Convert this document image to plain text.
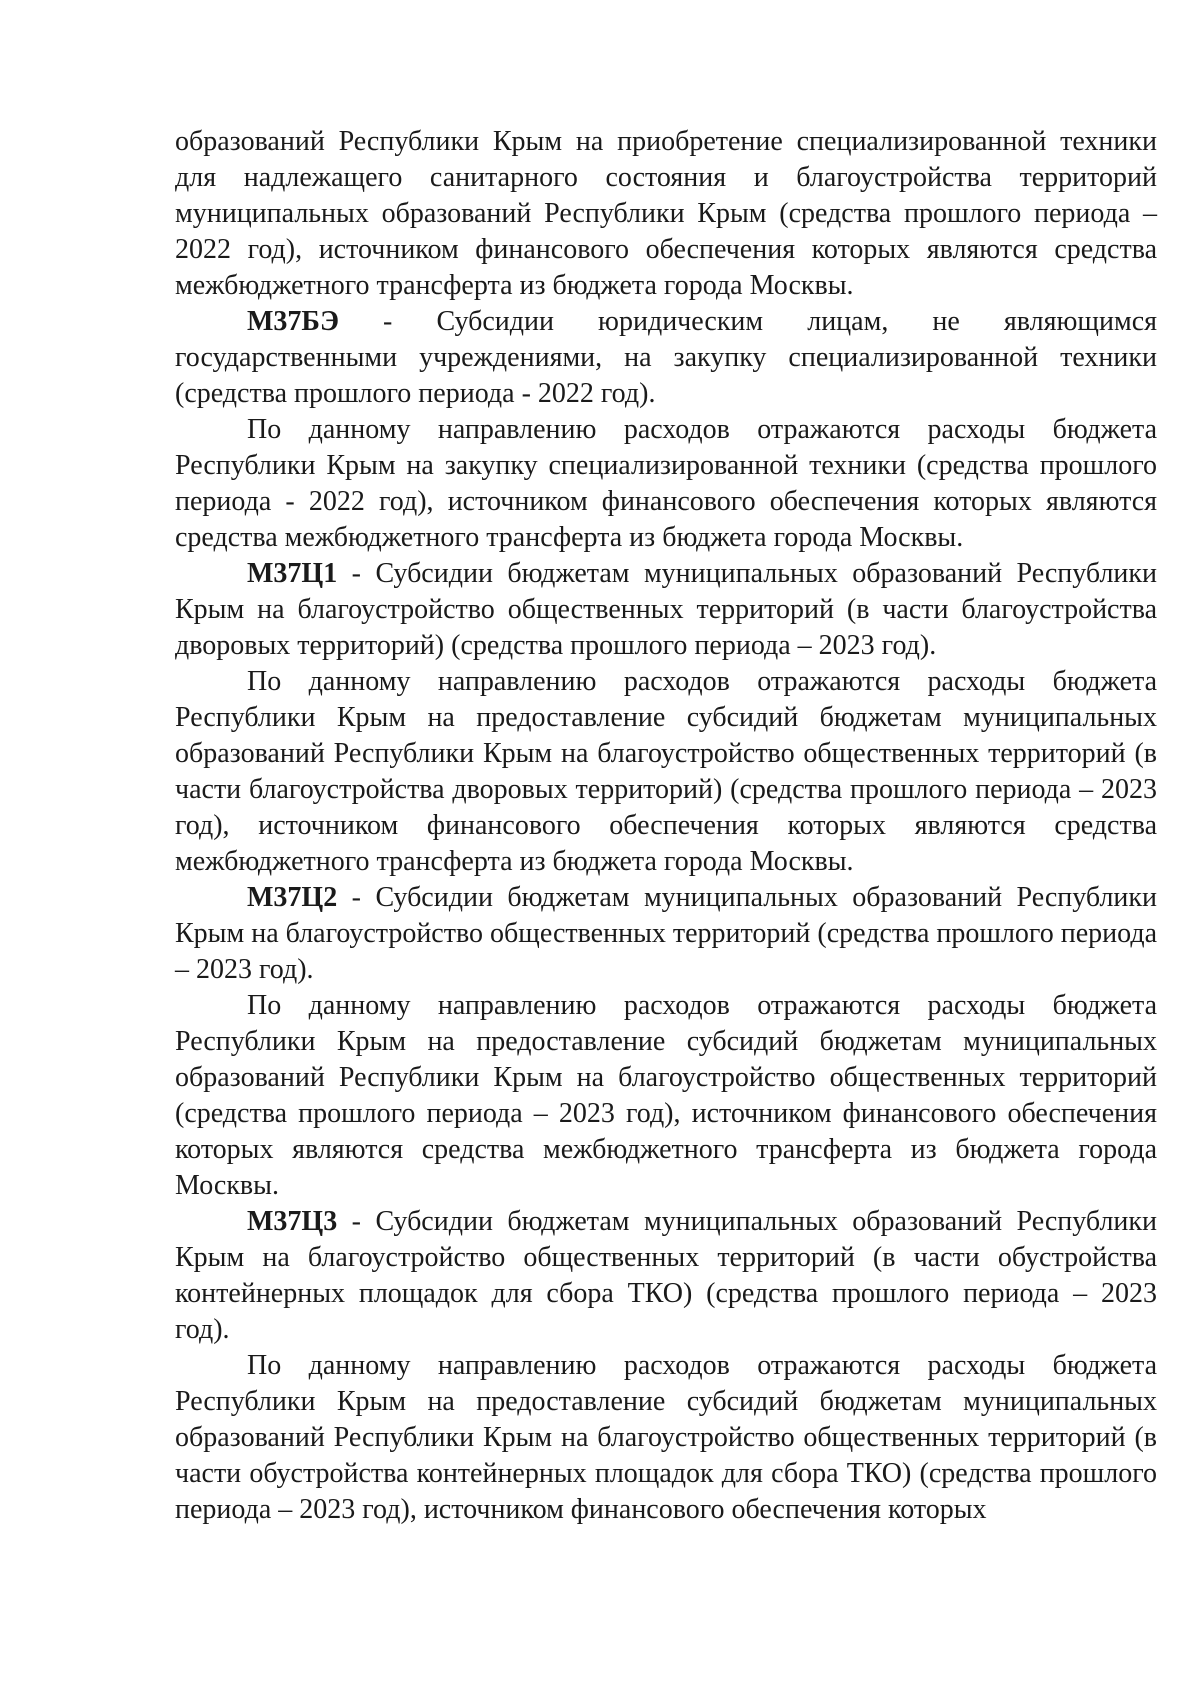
образований Республики Крым на приобретение специализированной техники для надлежащего санитарного состояния и благоустройства территорий муниципальных образований Республики Крым (средства прошлого периода – 2022 год), источником финансового обеспечения которых являются средства межбюджетного трансферта из бюджета города Москвы.

М37БЭ - Субсидии юридическим лицам, не являющимся государственными учреждениями, на закупку специализированной техники (средства прошлого периода - 2022 год).

По данному направлению расходов отражаются расходы бюджета Республики Крым на закупку специализированной техники (средства прошлого периода - 2022 год), источником финансового обеспечения которых являются средства межбюджетного трансферта из бюджета города Москвы.

М37Ц1 - Субсидии бюджетам муниципальных образований Республики Крым на благоустройство общественных территорий (в части благоустройства дворовых территорий) (средства прошлого периода – 2023 год).

По данному направлению расходов отражаются расходы бюджета Республики Крым на предоставление субсидий бюджетам муниципальных образований Республики Крым на благоустройство общественных территорий (в части благоустройства дворовых территорий) (средства прошлого периода – 2023 год), источником финансового обеспечения которых являются средства межбюджетного трансферта из бюджета города Москвы.

М37Ц2 - Субсидии бюджетам муниципальных образований Республики Крым на благоустройство общественных территорий (средства прошлого периода – 2023 год).

По данному направлению расходов отражаются расходы бюджета Республики Крым на предоставление субсидий бюджетам муниципальных образований Республики Крым на благоустройство общественных территорий (средства прошлого периода – 2023 год), источником финансового обеспечения которых являются средства межбюджетного трансферта из бюджета города Москвы.

М37Ц3 - Субсидии бюджетам муниципальных образований Республики Крым на благоустройство общественных территорий (в части обустройства контейнерных площадок для сбора ТКО) (средства прошлого периода – 2023 год).

По данному направлению расходов отражаются расходы бюджета Республики Крым на предоставление субсидий бюджетам муниципальных образований Республики Крым на благоустройство общественных территорий (в части обустройства контейнерных площадок для сбора ТКО) (средства прошлого периода – 2023 год), источником финансового обеспечения которых
